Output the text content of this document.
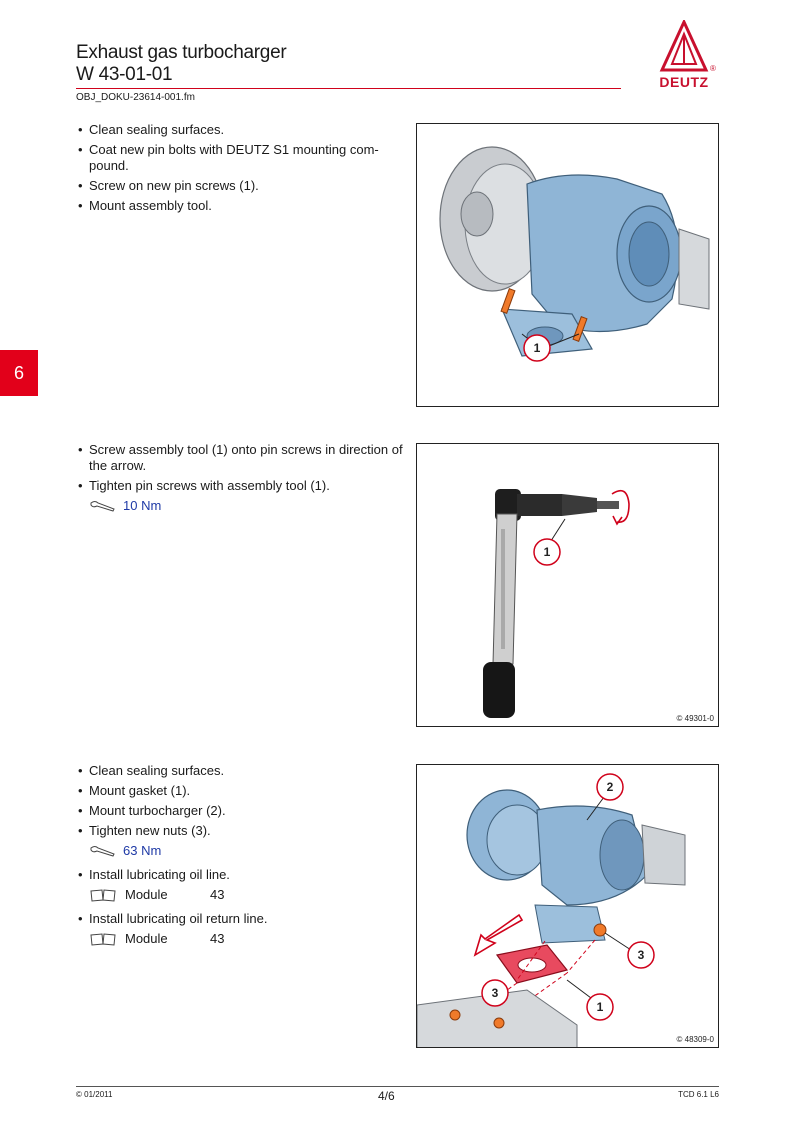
Exhaust gas turbocharger
W 43-01-01
OBJ_DOKU-23614-001.fm
®
DEUTZ
6
• Clean sealing surfaces.
• Coat new pin bolts with DEUTZ S1 mounting com-pound.
• Screw on new pin screws (1).
• Mount assembly tool.
1
• Screw assembly tool (1) onto pin screws in direction of the arrow.
• Tighten pin screws with assembly tool (1).
10 Nm
1
© 49301-0
• Clean sealing surfaces.
• Mount gasket (1).
• Mount turbocharger (2).
• Tighten new nuts (3).
63 Nm
• Install lubricating oil line.
Module	43
• Install lubricating oil return line.
Module	43
2
3
3
1
© 48309-0
© 01/2011	4/6	TCD 6.1 L6
